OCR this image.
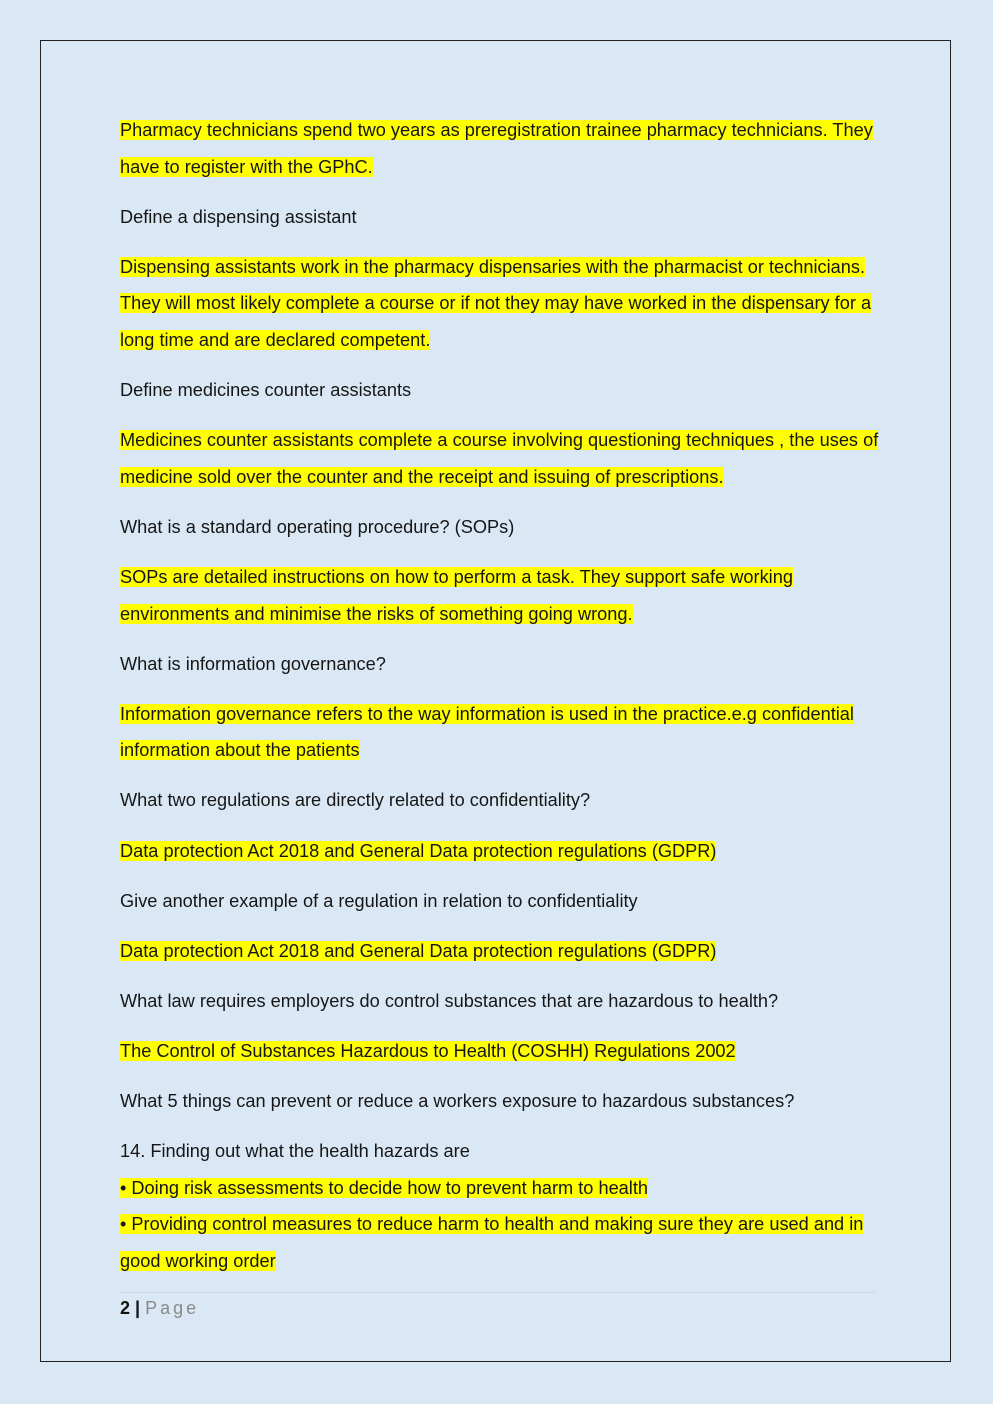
Pharmacy technicians spend two years as preregistration trainee pharmacy technicians. They have to register with the GPhC.

Define a dispensing assistant

Dispensing assistants work in the pharmacy dispensaries with the pharmacist or technicians. They will most likely complete a course or if not they may have worked in the dispensary for a long time and are declared competent.

Define medicines counter assistants

Medicines counter assistants complete a course involving questioning techniques , the uses of medicine sold over the counter and the receipt and issuing of prescriptions.

What is a standard operating procedure? (SOPs)

SOPs are detailed instructions on how to perform a task. They support safe working environments and minimise the risks of something going wrong.

What is information governance?

Information governance refers to the way information is used in the practice.e.g confidential information about the patients

What two regulations are directly related to confidentiality?

Data protection Act 2018 and General Data protection regulations (GDPR)

Give another example of a regulation in relation to confidentiality

Data protection Act 2018 and General Data protection regulations (GDPR)

What law requires employers do control substances that are hazardous to health?

The Control of Substances Hazardous to Health (COSHH) Regulations 2002

What 5 things can prevent or reduce a workers exposure to hazardous substances?

14. Finding out what the health hazards are

• Doing risk assessments to decide how to prevent harm to health

• Providing control measures to reduce harm to health and making sure they are used and in good working order

2 | Page
